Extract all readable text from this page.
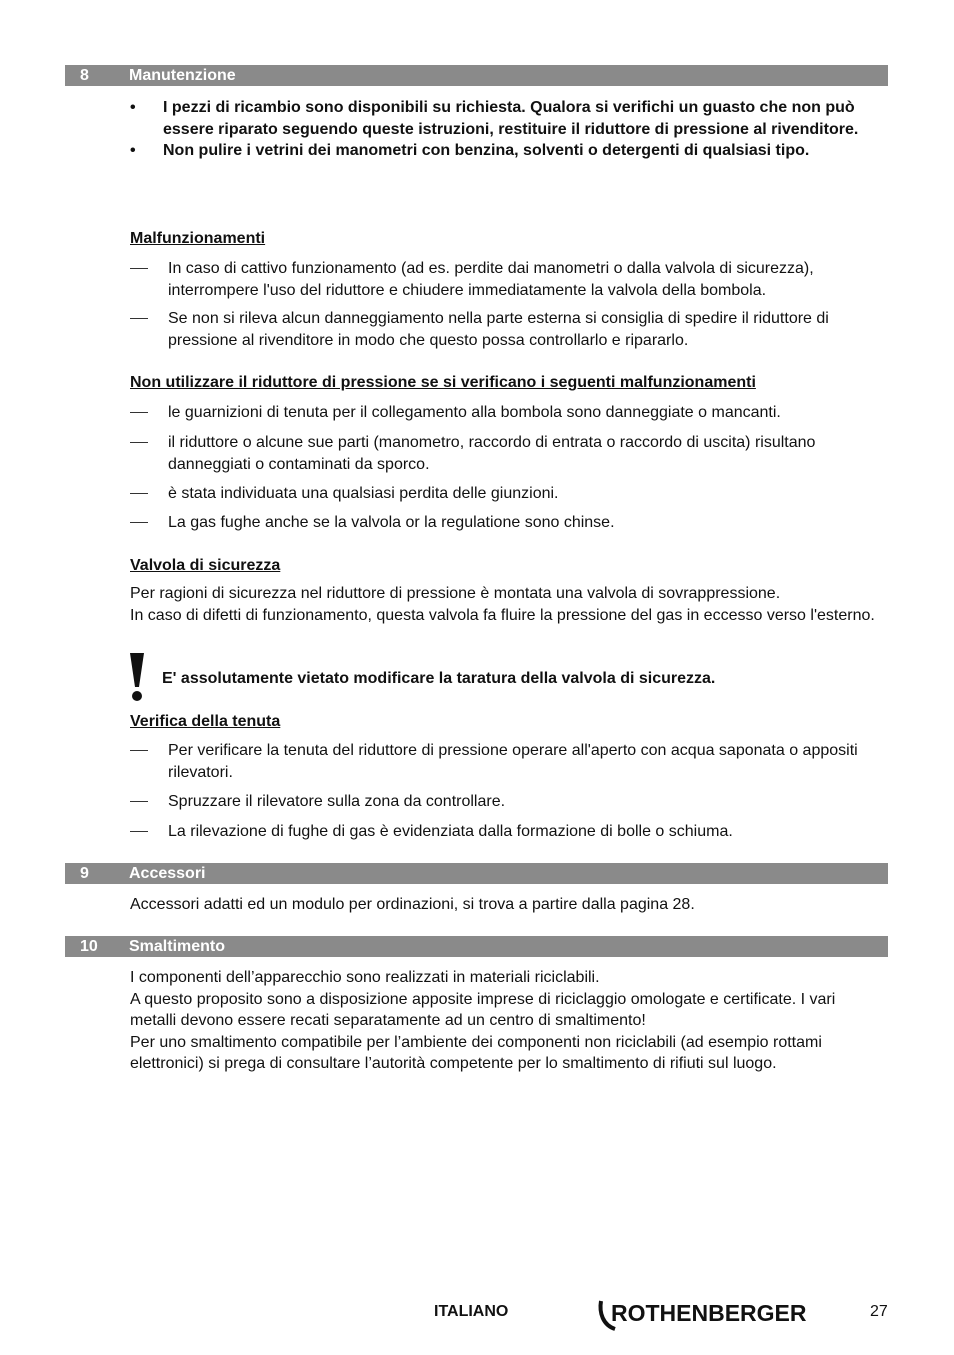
8	Manutenzione
• I pezzi di ricambio sono disponibili su richiesta. Qualora si verifichi un guasto che non può essere riparato seguendo queste istruzioni, restituire il riduttore di pressione al rivenditore.
• Non pulire i vetrini dei manometri con benzina, solventi o detergenti di qualsiasi tipo.
Malfunzionamenti
In caso di cattivo funzionamento (ad es. perdite dai manometri o dalla valvola di sicurezza), interrompere l'uso del riduttore e chiudere immediatamente la valvola della bombola.
Se non si rileva alcun danneggiamento nella parte esterna si consiglia di spedire il riduttore di pressione al rivenditore in modo che questo possa controllarlo e ripararlo.
Non utilizzare il riduttore di pressione se si verificano i seguenti malfunzionamenti
le guarnizioni di tenuta per il collegamento alla bombola sono danneggiate o mancanti.
il riduttore o alcune sue parti (manometro, raccordo di entrata o raccordo di uscita) risultano danneggiati o contaminati da sporco.
è stata individuata una qualsiasi perdita delle giunzioni.
La gas fughe anche se la valvola or la regulatione sono chinse.
Valvola di sicurezza
Per ragioni di sicurezza nel riduttore di pressione è montata una valvola di sovrappressione.
In caso di difetti di funzionamento, questa valvola fa fluire la pressione del gas in eccesso verso l'esterno.
E' assolutamente vietato modificare la taratura della valvola di sicurezza.
Verifica della tenuta
Per verificare la tenuta del riduttore di pressione operare all'aperto con acqua saponata o appositi rilevatori.
Spruzzare il rilevatore sulla zona da controllare.
La rilevazione di fughe di gas è evidenziata dalla formazione di bolle o schiuma.
9	Accessori
Accessori adatti ed un modulo per ordinazioni, si trova a partire dalla pagina 28.
10 Smaltimento
I componenti dell’apparecchio sono realizzati in materiali riciclabili.
A questo proposito sono a disposizione apposite imprese di riciclaggio omologate e certificate. I vari metalli devono essere recati separatamente ad un centro di smaltimento!
Per uno smaltimento compatibile per l’ambiente dei componenti non riciclabili (ad esempio rottami elettronici) si prega di consultare l’autorità competente per lo smaltimento di rifiuti sul luogo.
ITALIANO	ROTHENBERGER	27
